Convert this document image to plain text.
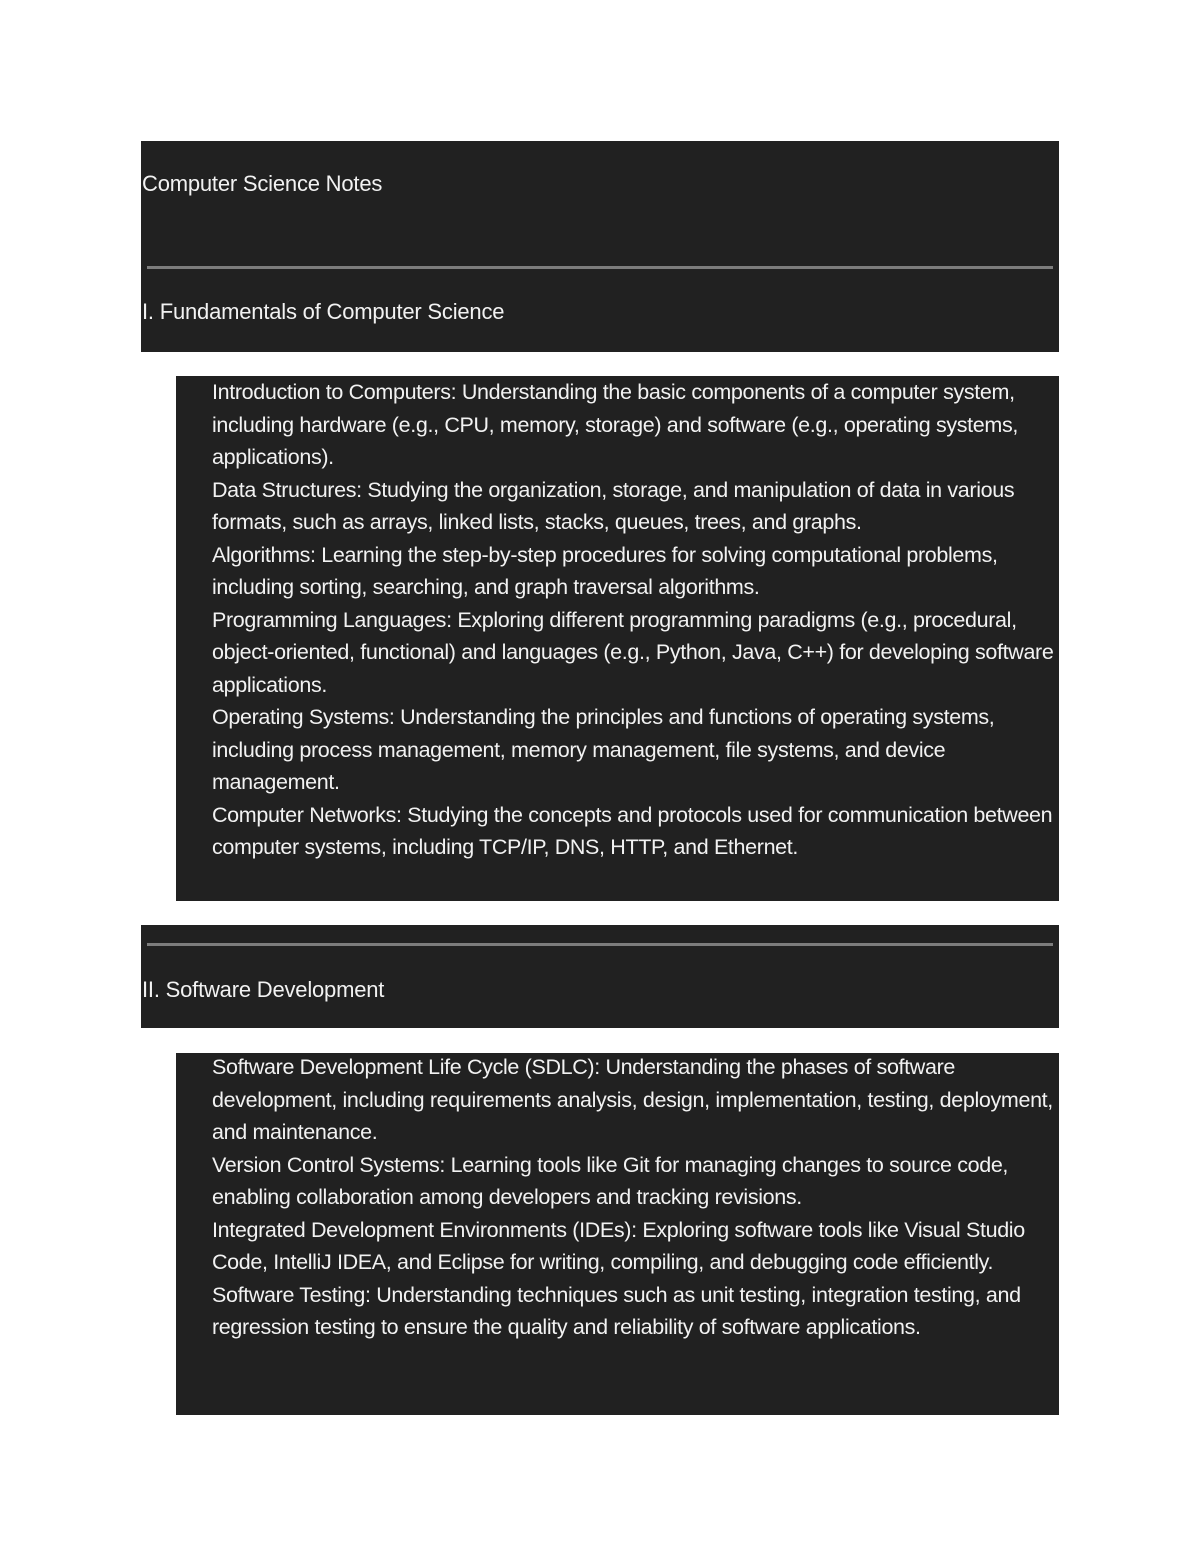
Computer Science Notes
I. Fundamentals of Computer Science
Introduction to Computers: Understanding the basic components of a computer system, including hardware (e.g., CPU, memory, storage) and software (e.g., operating systems, applications).
Data Structures: Studying the organization, storage, and manipulation of data in various formats, such as arrays, linked lists, stacks, queues, trees, and graphs.
Algorithms: Learning the step-by-step procedures for solving computational problems, including sorting, searching, and graph traversal algorithms.
Programming Languages: Exploring different programming paradigms (e.g., procedural, object-oriented, functional) and languages (e.g., Python, Java, C++) for developing software applications.
Operating Systems: Understanding the principles and functions of operating systems, including process management, memory management, file systems, and device management.
Computer Networks: Studying the concepts and protocols used for communication between computer systems, including TCP/IP, DNS, HTTP, and Ethernet.
II. Software Development
Software Development Life Cycle (SDLC): Understanding the phases of software development, including requirements analysis, design, implementation, testing, deployment, and maintenance.
Version Control Systems: Learning tools like Git for managing changes to source code, enabling collaboration among developers and tracking revisions.
Integrated Development Environments (IDEs): Exploring software tools like Visual Studio Code, IntelliJ IDEA, and Eclipse for writing, compiling, and debugging code efficiently.
Software Testing: Understanding techniques such as unit testing, integration testing, and regression testing to ensure the quality and reliability of software applications.
